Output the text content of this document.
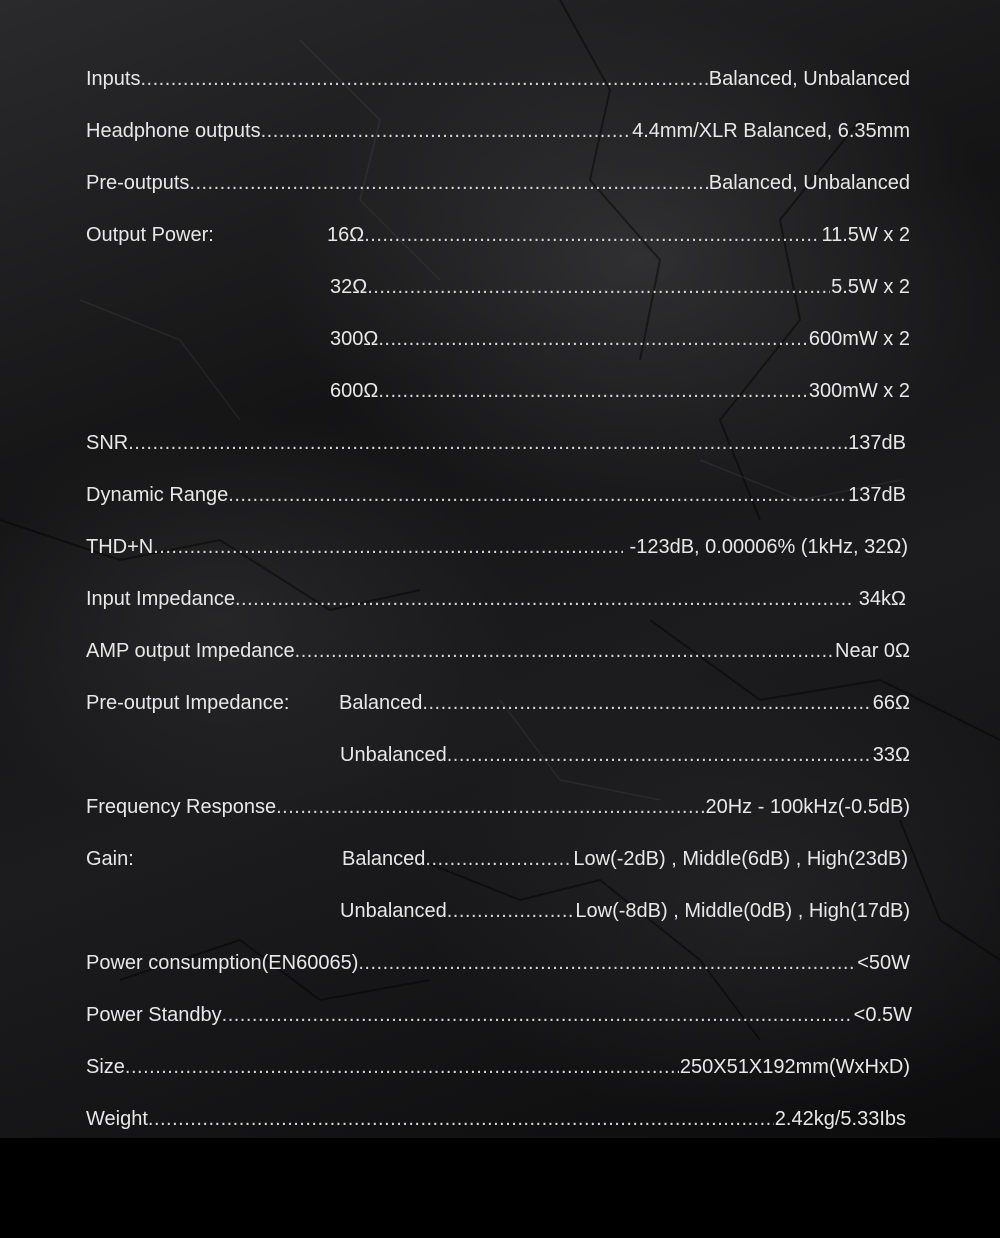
Inputs .....	Balanced, Unbalanced
Headphone outputs .....	4.4mm/XLR Balanced, 6.35mm
Pre-outputs .....	Balanced, Unbalanced
Output Power:	16Ω .....	11.5W x 2
32Ω .....	5.5W x 2
300Ω .....	600mW x 2
600Ω .....	300mW x 2
SNR .....	137dB
Dynamic Range .....	137dB
THD+N .....	-123dB, 0.00006% (1kHz, 32Ω)
Input Impedance .....	34kΩ
AMP output Impedance .....	Near 0Ω
Pre-output Impedance: Balanced .....	66Ω
Unbalanced .....	33Ω
Frequency Response .....	20Hz - 100kHz(-0.5dB)
Gain:	Balanced .....	Low(-2dB) , Middle(6dB) , High(23dB)
Unbalanced .....	Low(-8dB) , Middle(0dB) , High(17dB)
Power consumption(EN60065) .....	<50W
Power Standby .....	<0.5W
Size .....	250X51X192mm(WxHxD)
Weight .....	2.42kg/5.33Ibs
